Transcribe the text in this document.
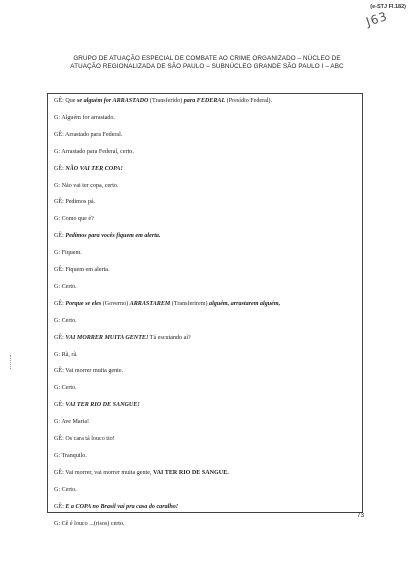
(e-STJ Fl.182)
J63
GRUPO DE ATUAÇÃO ESPECIAL DE COMBATE AO CRIME ORGANIZADO – NÚCLEO DE
ATUAÇÃO REGIONALIZADA DE SÃO PAULO – SUBNÚCLEO GRANDE SÃO PAULO I – ABC
GÊ: Que se alguém for ARRASTADO (Transferido) para FEDERAL (Presídio Federal).
G: Alguém for arrastado.
GÊ: Arrastado para Federal.
G: Arrastado para Federal, certo.
GÊ: NÃO VAI TER COPA!
G: Não vai ter copa, certo.
GÊ: Pedimos pá.
G: Como que é?
GÊ: Pedimos para vocês fiquem em alerta.
G: Fiquem.
GÊ: Fiquem em alerta.
G: Certo.
GÊ: Porque se eles (Governo) ARRASTAREM (Transferirem) alguém, arrastarem alguém,
G: Certo.
GÊ: VAI MORRER MUITA GENTE! Tá escutando aí?
G: Rã, rã.
GÊ: Vai morrer muita gente.
G: Certo.
GÊ: VAI TER RIO DE SANGUE!
G: Ave Maria!
GÊ: Os cara tá louco tio!
G: Tranquilo.
GÊ: Vai morrer, vai morrer muita gente, VAI TER RIO DE SANGUE.
G: Certo.
GÊ: E a COPA no Brasil vai pra casa do caralho!
G: Cê é louco ...(risos) certo.
73
